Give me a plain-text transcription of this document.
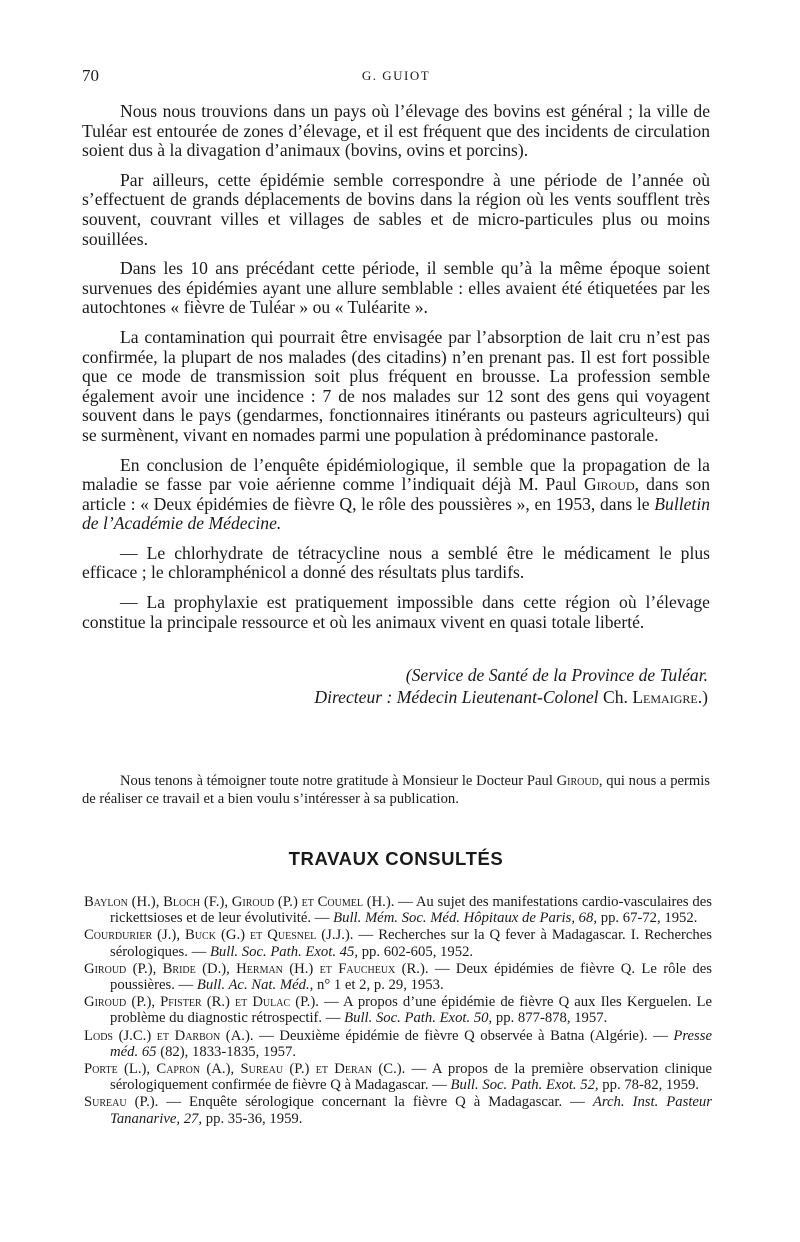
70	G. GUIOT

Nous nous trouvions dans un pays où l’élevage des bovins est général ; la ville de Tuléar est entourée de zones d’élevage, et il est fréquent que des incidents de circulation soient dus à la divagation d’animaux (bovins, ovins et porcins).

Par ailleurs, cette épidémie semble correspondre à une période de l’année où s’effectuent de grands déplacements de bovins dans la région où les vents soufflent très souvent, couvrant villes et villages de sables et de micro-particules plus ou moins souillées.

Dans les 10 ans précédant cette période, il semble qu’à la même époque soient survenues des épidémies ayant une allure semblable : elles avaient été étiquetées par les autochtones « fièvre de Tuléar » ou « Tuléarite ».

La contamination qui pourrait être envisagée par l’absorption de lait cru n’est pas confirmée, la plupart de nos malades (des citadins) n’en prenant pas. Il est fort possible que ce mode de transmission soit plus fréquent en brousse. La profession semble également avoir une incidence : 7 de nos malades sur 12 sont des gens qui voyagent souvent dans le pays (gendarmes, fonctionnaires itinérants ou pasteurs agriculteurs) qui se surmènent, vivant en nomades parmi une population à prédominance pastorale.

En conclusion de l’enquête épidémiologique, il semble que la propagation de la maladie se fasse par voie aérienne comme l’indiquait déjà M. Paul Giroud, dans son article : « Deux épidémies de fièvre Q, le rôle des poussières », en 1953, dans le Bulletin de l’Académie de Médecine.

— Le chlorhydrate de tétracycline nous a semblé être le médicament le plus efficace ; le chloramphénicol a donné des résultats plus tardifs.

— La prophylaxie est pratiquement impossible dans cette région où l’élevage constitue la principale ressource et où les animaux vivent en quasi totale liberté.

(Service de Santé de la Province de Tuléar.
Directeur : Médecin Lieutenant-Colonel Ch. Lemaigre.)

Nous tenons à témoigner toute notre gratitude à Monsieur le Docteur Paul Giroud, qui nous a permis de réaliser ce travail et a bien voulu s’intéresser à sa publication.

TRAVAUX CONSULTÉS
Baylon (H.), Bloch (F.), Giroud (P.) et Coumel (H.). — Au sujet des manifestations cardio-vasculaires des rickettsioses et de leur évolutivité. — Bull. Mém. Soc. Méd. Hôpitaux de Paris, 68, pp. 67-72, 1952.
Courdurier (J.), Buck (G.) et Quesnel (J.J.). — Recherches sur la Q fever à Madagascar. I. Recherches sérologiques. — Bull. Soc. Path. Exot. 45, pp. 602-605, 1952.
Giroud (P.), Bride (D.), Herman (H.) et Faucheux (R.). — Deux épidémies de fièvre Q. Le rôle des poussières. — Bull. Ac. Nat. Méd., n° 1 et 2, p. 29, 1953.
Giroud (P.), Pfister (R.) et Dulac (P.). — A propos d’une épidémie de fièvre Q aux Iles Kerguelen. Le problème du diagnostic rétrospectif. — Bull. Soc. Path. Exot. 50, pp. 877-878, 1957.
Lods (J.C.) et Darbon (A.). — Deuxième épidémie de fièvre Q observée à Batna (Algérie). — Presse méd. 65 (82), 1833-1835, 1957.
Porte (L.), Capron (A.), Sureau (P.) et Deran (C.). — A propos de la première observation clinique sérologiquement confirmée de fièvre Q à Madagascar. — Bull. Soc. Path. Exot. 52, pp. 78-82, 1959.
Sureau (P.). — Enquête sérologique concernant la fièvre Q à Madagascar. — Arch. Inst. Pasteur Tananarive, 27, pp. 35-36, 1959.
